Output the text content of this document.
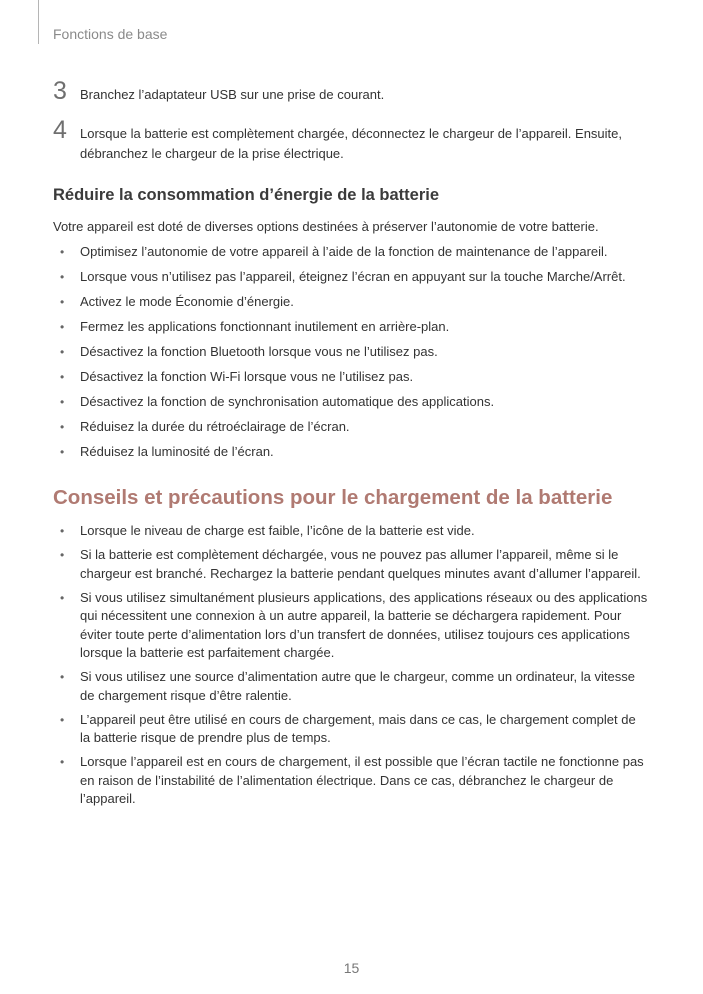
Fonctions de base
3 Branchez l’adaptateur USB sur une prise de courant.
4 Lorsque la batterie est complètement chargée, déconnectez le chargeur de l’appareil. Ensuite, débranchez le chargeur de la prise électrique.
Réduire la consommation d’énergie de la batterie
Votre appareil est doté de diverses options destinées à préserver l’autonomie de votre batterie.
• Optimisez l’autonomie de votre appareil à l’aide de la fonction de maintenance de l’appareil.
• Lorsque vous n’utilisez pas l’appareil, éteignez l’écran en appuyant sur la touche Marche/Arrêt.
• Activez le mode Économie d’énergie.
• Fermez les applications fonctionnant inutilement en arrière-plan.
• Désactivez la fonction Bluetooth lorsque vous ne l’utilisez pas.
• Désactivez la fonction Wi-Fi lorsque vous ne l’utilisez pas.
• Désactivez la fonction de synchronisation automatique des applications.
• Réduisez la durée du rétroéclairage de l’écran.
• Réduisez la luminosité de l’écran.
Conseils et précautions pour le chargement de la batterie
• Lorsque le niveau de charge est faible, l’icône de la batterie est vide.
• Si la batterie est complètement déchargée, vous ne pouvez pas allumer l’appareil, même si le chargeur est branché. Rechargez la batterie pendant quelques minutes avant d’allumer l’appareil.
• Si vous utilisez simultanément plusieurs applications, des applications réseaux ou des applications qui nécessitent une connexion à un autre appareil, la batterie se déchargera rapidement. Pour éviter toute perte d’alimentation lors d’un transfert de données, utilisez toujours ces applications lorsque la batterie est parfaitement chargée.
• Si vous utilisez une source d’alimentation autre que le chargeur, comme un ordinateur, la vitesse de chargement risque d’être ralentie.
• L’appareil peut être utilisé en cours de chargement, mais dans ce cas, le chargement complet de la batterie risque de prendre plus de temps.
• Lorsque l’appareil est en cours de chargement, il est possible que l’écran tactile ne fonctionne pas en raison de l’instabilité de l’alimentation électrique. Dans ce cas, débranchez le chargeur de l’appareil.
15
